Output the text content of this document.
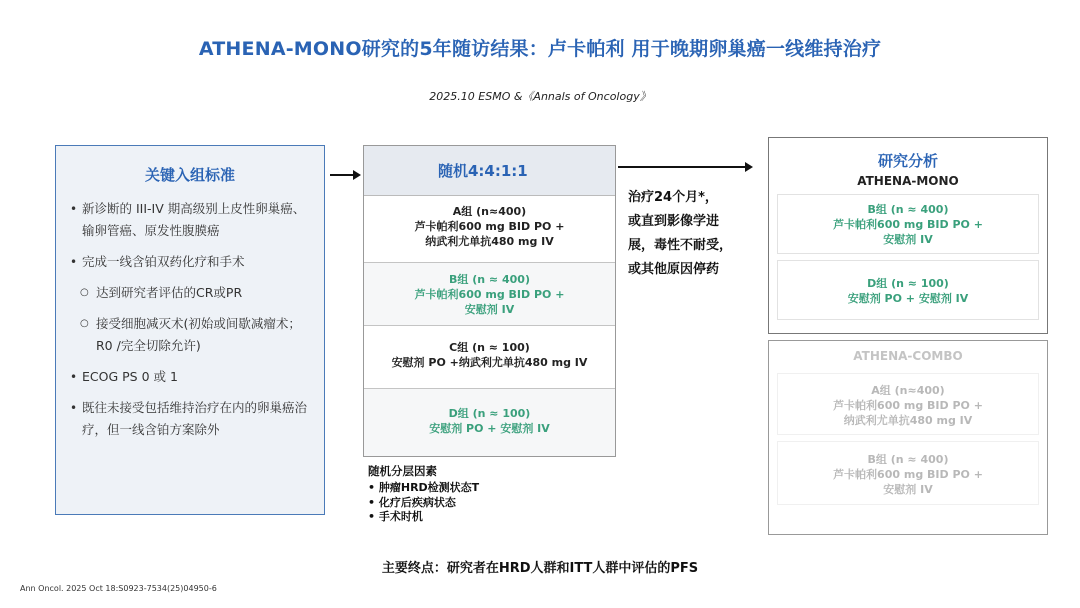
ATHENA-MONO研究的5年随访结果：卢卡帕利 用于晚期卵巢癌一线维持治疗
2025.10 ESMO &《Annals of Oncology》
关键入组标准
• 新诊断的 III-IV 期高级别上皮性卵巢癌、输卵管癌、原发性腹膜癌
• 完成一线含铂双药化疗和手术
○ 达到研究者评估的CR或PR
○ 接受细胞减灭术(初始或间歇减瘤术；R0 /完全切除允许)
• ECOG PS 0 或 1
• 既往未接受包括维持治疗在内的卵巢癌治疗，但一线含铂方案除外
随机4:4:1:1
A组 (n≈400)
芦卡帕利600 mg BID PO +
纳武利尤单抗480 mg IV
B组 (n ≈ 400)
芦卡帕利600 mg BID PO +
安慰剂 IV
C组 (n ≈ 100)
安慰剂 PO +纳武利尤单抗480 mg IV
D组 (n ≈ 100)
安慰剂 PO + 安慰剂 IV
治疗24个月*，
或直到影像学进
展，毒性不耐受，
或其他原因停药
随机分层因素
• 肿瘤HRD检测状态T
• 化疗后疾病状态
• 手术时机
研究分析
ATHENA-MONO
B组 (n ≈ 400)
芦卡帕利600 mg BID PO +
安慰剂 IV
D组 (n ≈ 100)
安慰剂 PO + 安慰剂 IV
ATHENA-COMBO
A组 (n≈400)
芦卡帕利600 mg BID PO +
纳武利尤单抗480 mg IV
B组 (n ≈ 400)
芦卡帕利600 mg BID PO +
安慰剂 IV
主要终点：研究者在HRD人群和ITT人群中评估的PFS
Ann Oncol. 2025 Oct 18:S0923-7534(25)04950-6
